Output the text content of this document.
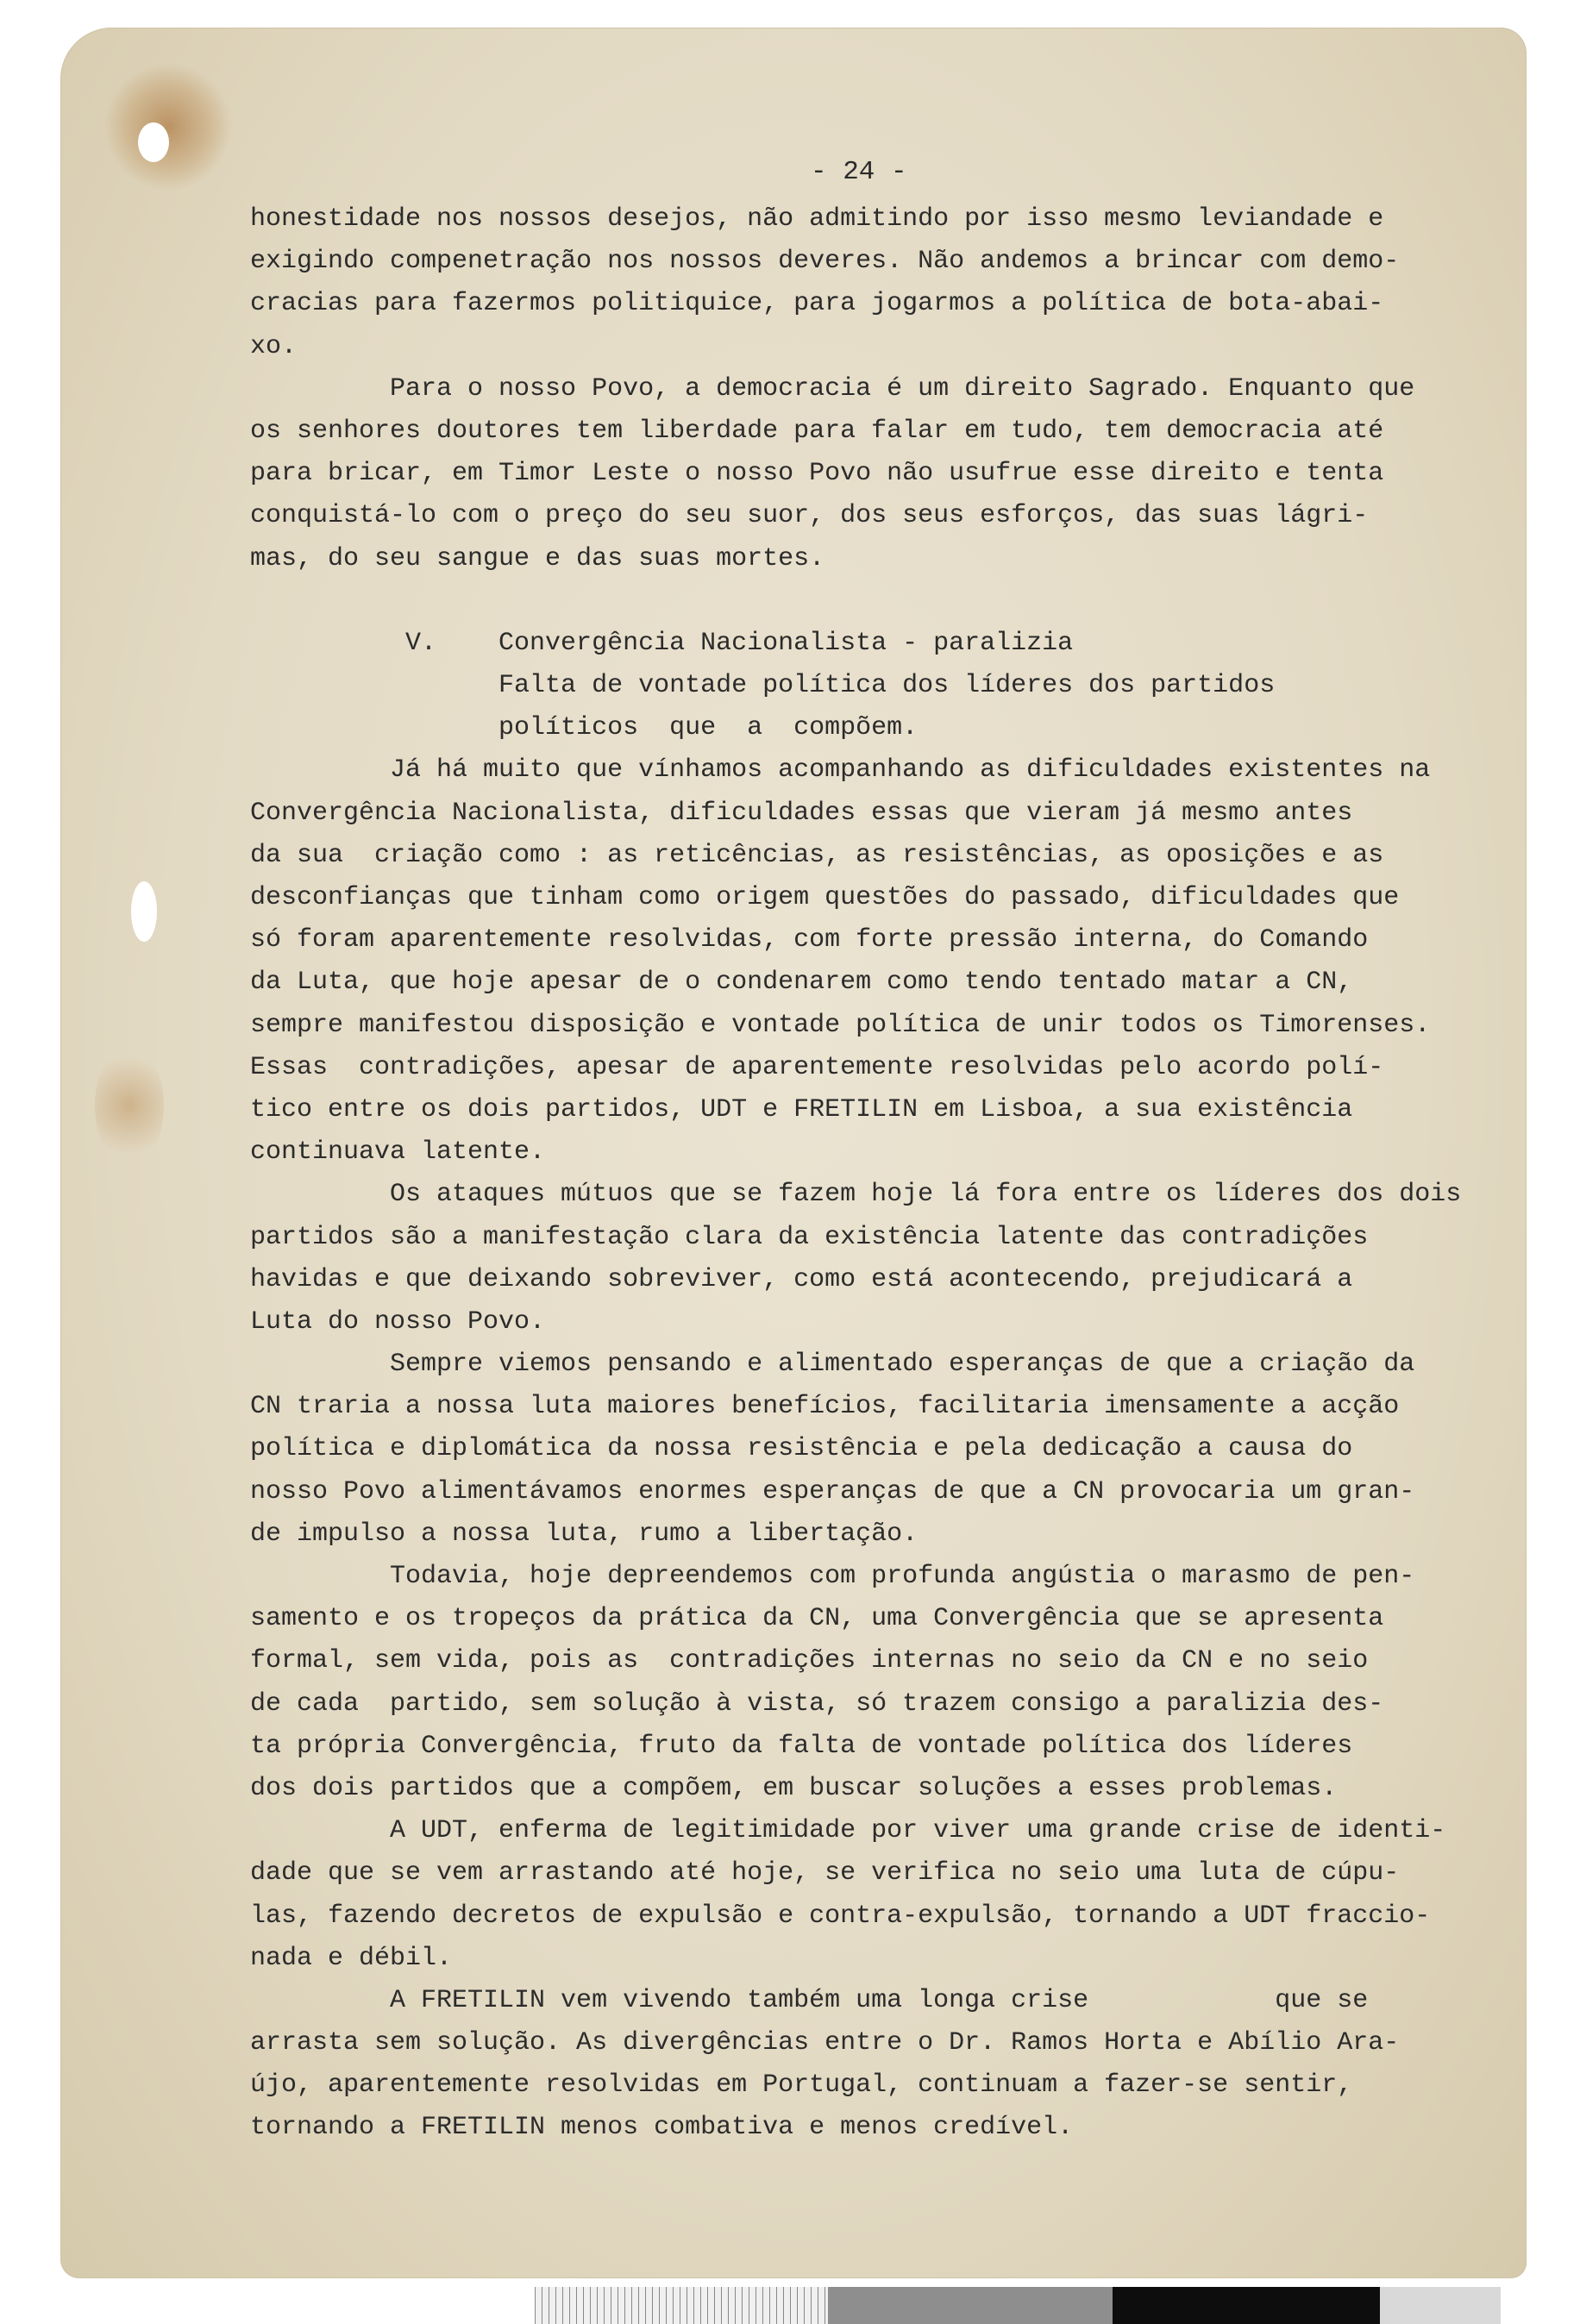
- 24 -
honestidade nos nossos desejos, não admitindo por isso mesmo leviandade e
exigindo compenetração nos nossos deveres. Não andemos a brincar com demo-
cracias para fazermos politiquice, para jogarmos a política de bota-abai-
xo.
Para o nosso Povo, a democracia é um direito Sagrado. Enquanto que
os senhores doutores tem liberdade para falar em tudo, tem democracia até
para bricar, em Timor Leste o nosso Povo não usufrue esse direito e tenta
conquistá-lo com o preço do seu suor, dos seus esforços, das suas lágri-
mas, do seu sangue e das suas mortes.
V.    Convergência Nacionalista - paralizia
Falta de vontade política dos líderes dos partidos
políticos  que  a  compõem.
Já há muito que vínhamos acompanhando as dificuldades existentes na
Convergência Nacionalista, dificuldades essas que vieram já mesmo antes
da sua  criação como : as reticências, as resistências, as oposições e as
desconfianças que tinham como origem questões do passado, dificuldades que
só foram aparentemente resolvidas, com forte pressão interna, do Comando
da Luta, que hoje apesar de o condenarem como tendo tentado matar a CN,
sempre manifestou disposição e vontade política de unir todos os Timorenses.
Essas  contradições, apesar de aparentemente resolvidas pelo acordo polí-
tico entre os dois partidos, UDT e FRETILIN em Lisboa, a sua existência
continuava latente.
Os ataques mútuos que se fazem hoje lá fora entre os líderes dos dois
partidos são a manifestação clara da existência latente das contradições
havidas e que deixando sobreviver, como está acontecendo, prejudicará a
Luta do nosso Povo.
Sempre viemos pensando e alimentado esperanças de que a criação da
CN traria a nossa luta maiores benefícios, facilitaria imensamente a acção
política e diplomática da nossa resistência e pela dedicação a causa do
nosso Povo alimentávamos enormes esperanças de que a CN provocaria um gran-
de impulso a nossa luta, rumo a libertação.
Todavia, hoje depreendemos com profunda angústia o marasmo de pen-
samento e os tropeços da prática da CN, uma Convergência que se apresenta
formal, sem vida, pois as  contradições internas no seio da CN e no seio
de cada  partido, sem solução à vista, só trazem consigo a paralizia des-
ta própria Convergência, fruto da falta de vontade política dos líderes
dos dois partidos que a compõem, em buscar soluções a esses problemas.
A UDT, enferma de legitimidade por viver uma grande crise de identi-
dade que se vem arrastando até hoje, se verifica no seio uma luta de cúpu-
las, fazendo decretos de expulsão e contra-expulsão, tornando a UDT fraccio-
nada e débil.
A FRETILIN vem vivendo também uma longa crise            que se
arrasta sem solução. As divergências entre o Dr. Ramos Horta e Abílio Ara-
újo, aparentemente resolvidas em Portugal, continuam a fazer-se sentir,
tornando a FRETILIN menos combativa e menos credível.
